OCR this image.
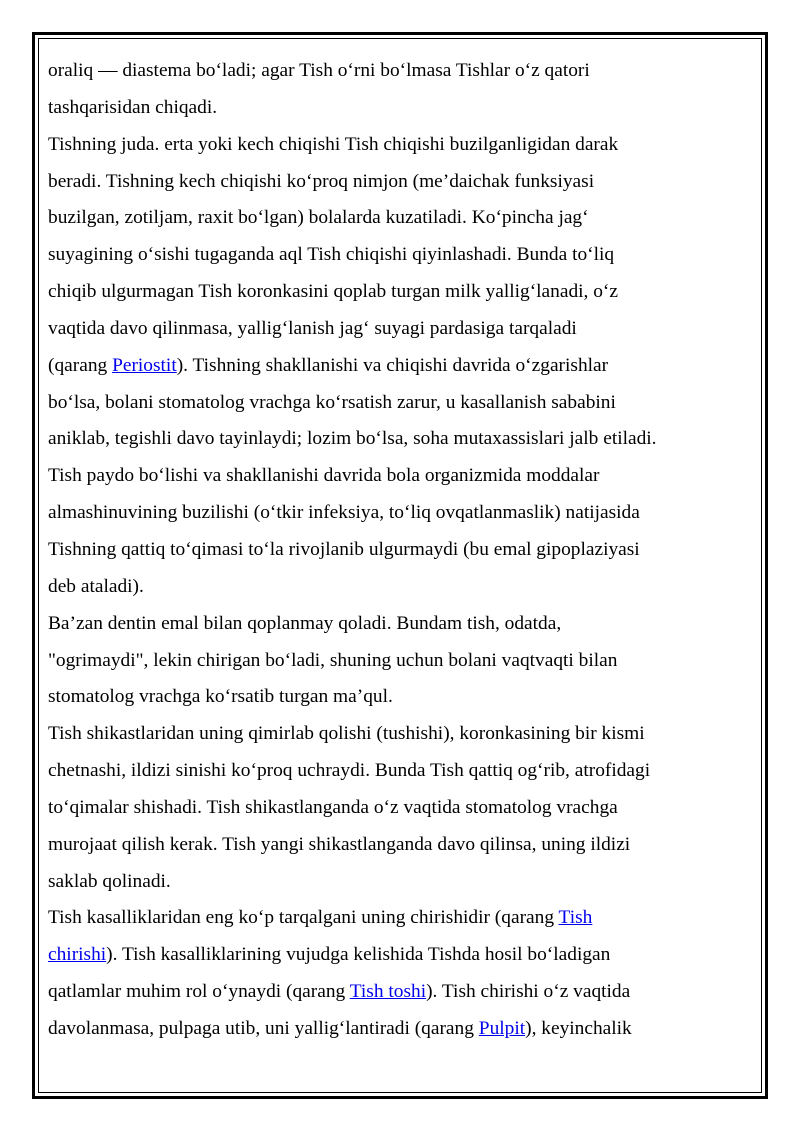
oraliq — diastema bo‘ladi; agar Tish o‘rni bo‘lmasa Tishlar o‘z qatori
tashqarisidan chiqadi.
Tishning juda. erta yoki kech chiqishi Tish chiqishi buzilganligidan darak
beradi. Tishning kech chiqishi ko‘proq nimjon (me’daichak funksiyasi
buzilgan, zotiljam, raxit bo‘lgan) bolalarda kuzatiladi. Ko‘pincha jag‘
suyagining o‘sishi tugaganda aql Tish chiqishi qiyinlashadi. Bunda to‘liq
chiqib ulgurmagan Tish koronkasini qoplab turgan milk yallig‘lanadi, o‘z
vaqtida davo qilinmasa, yallig‘lanish jag‘ suyagi pardasiga tarqaladi
(qarang Periostit). Tishning shakllanishi va chiqishi davrida o‘zgarishlar
bo‘lsa, bolani stomatolog vrachga ko‘rsatish zarur, u kasallanish sababini
aniklab, tegishli davo tayinlaydi; lozim bo‘lsa, soha mutaxassislari jalb etiladi.
Tish paydo bo‘lishi va shakllanishi davrida bola organizmida moddalar
almashinuvining buzilishi (o‘tkir infeksiya, to‘liq ovqatlanmaslik) natijasida
Tishning qattiq to‘qimasi to‘la rivojlanib ulgurmaydi (bu emal gipoplaziyasi
deb ataladi).
Ba’zan dentin emal bilan qoplanmay qoladi. Bundam tish, odatda,
"ogrimaydi", lekin chirigan bo‘ladi, shuning uchun bolani vaqtvaqti bilan
stomatolog vrachga ko‘rsatib turgan ma’qul.
Tish shikastlaridan uning qimirlab qolishi (tushishi), koronkasining bir kismi
chetnashi, ildizi sinishi ko‘proq uchraydi. Bunda Tish qattiq og‘rib, atrofidagi
to‘qimalar shishadi. Tish shikastlanganda o‘z vaqtida stomatolog vrachga
murojaat qilish kerak. Tish yangi shikastlanganda davo qilinsa, uning ildizi
saklab qolinadi.
Tish kasalliklaridan eng ko‘p tarqalgani uning chirishidir (qarang Tish
chirishi). Tish kasalliklarining vujudga kelishida Tishda hosil bo‘ladigan
qatlamlar muhim rol o‘ynaydi (qarang Tish toshi). Tish chirishi o‘z vaqtida
davolanmasa, pulpaga utib, uni yallig‘lantiradi (qarang Pulpit), keyinchalik
